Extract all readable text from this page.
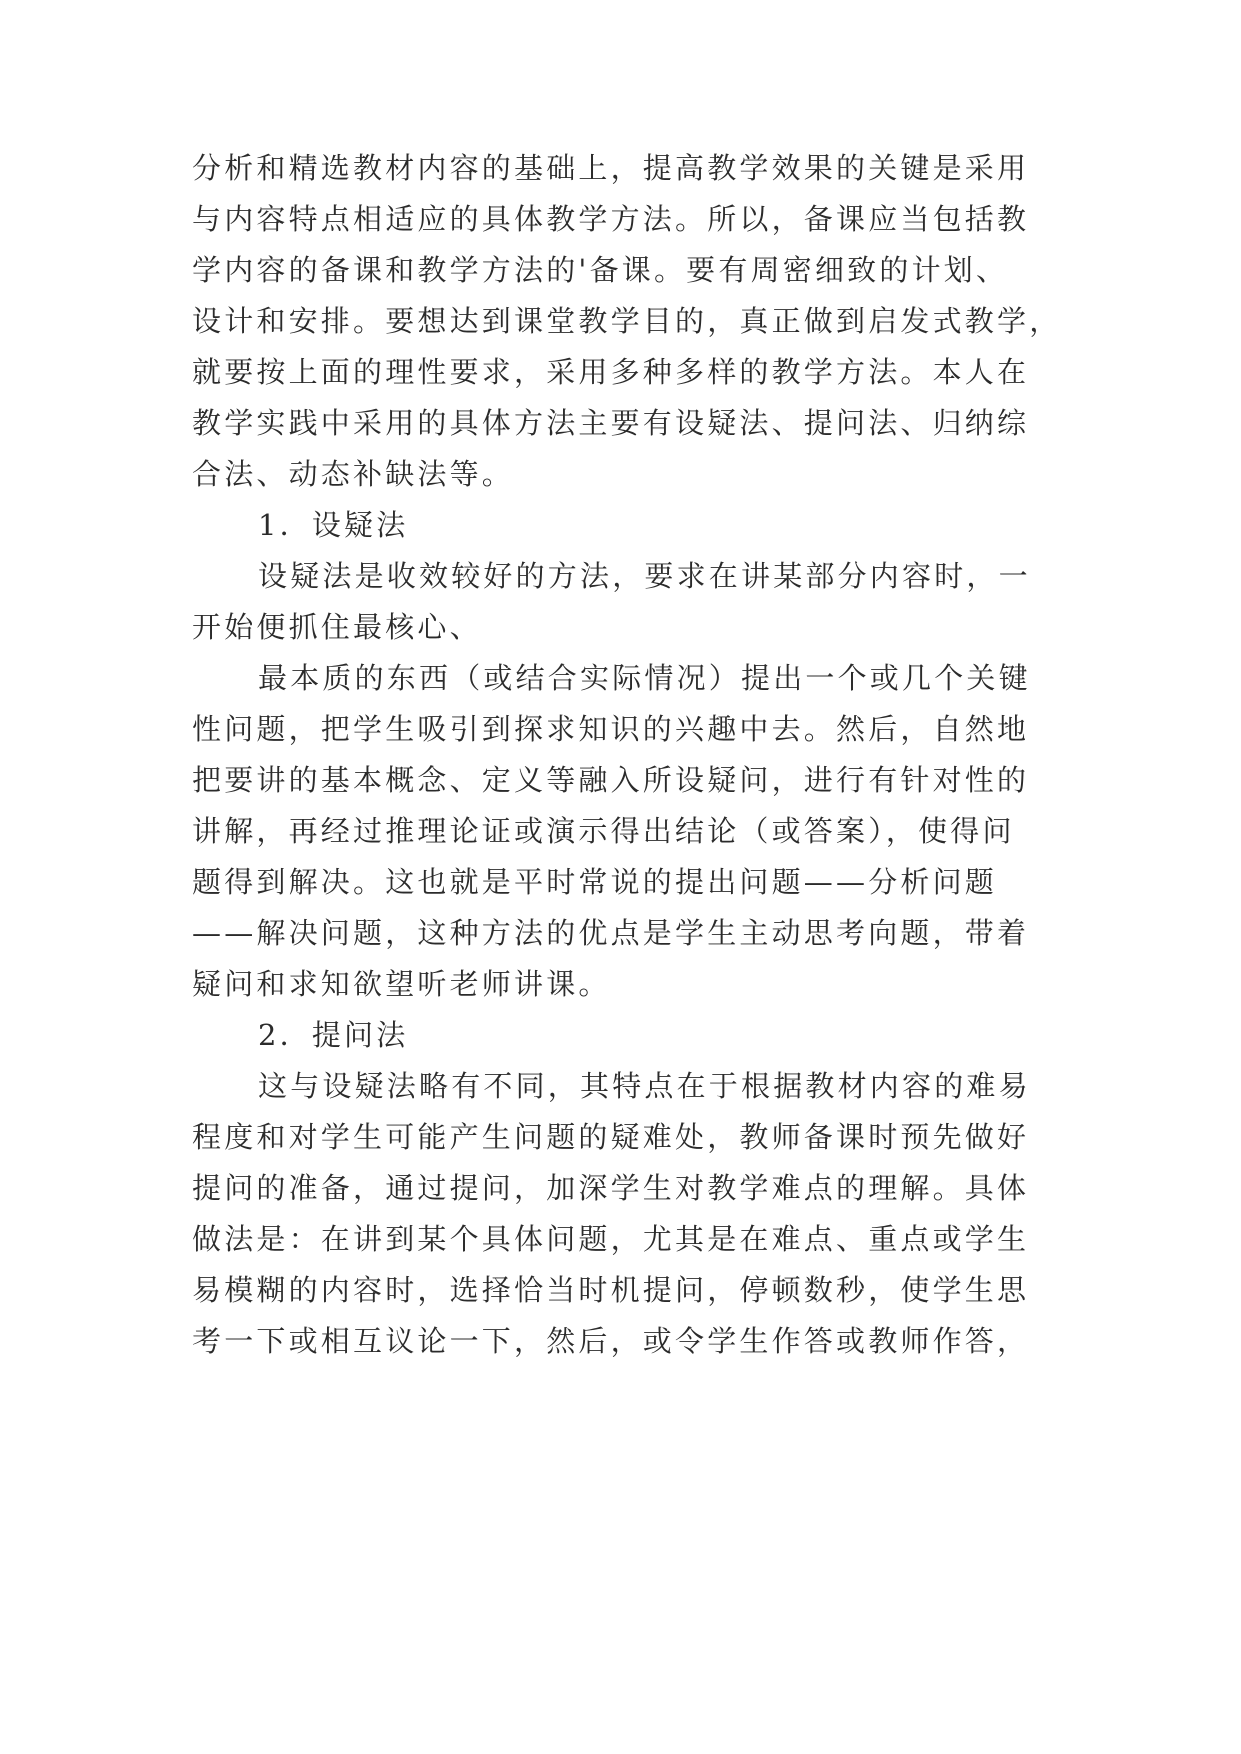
分析和精选教材内容的基础上，提高教学效果的关键是采用
与内容特点相适应的具体教学方法。所以，备课应当包括教
学内容的备课和教学方法的'备课。要有周密细致的计划、
设计和安排。要想达到课堂教学目的，真正做到启发式教学，
就要按上面的理性要求，采用多种多样的教学方法。本人在
教学实践中采用的具体方法主要有设疑法、提问法、归纳综
合法、动态补缺法等。
1．设疑法
设疑法是收效较好的方法，要求在讲某部分内容时，一
开始便抓住最核心、
最本质的东西（或结合实际情况）提出一个或几个关键
性问题，把学生吸引到探求知识的兴趣中去。然后，自然地
把要讲的基本概念、定义等融入所设疑问，进行有针对性的
讲解，再经过推理论证或演示得出结论（或答案），使得问
题得到解决。这也就是平时常说的提出问题——分析问题
——解决问题，这种方法的优点是学生主动思考向题，带着
疑问和求知欲望听老师讲课。
2．提问法
这与设疑法略有不同，其特点在于根据教材内容的难易
程度和对学生可能产生问题的疑难处，教师备课时预先做好
提问的准备，通过提问，加深学生对教学难点的理解。具体
做法是：在讲到某个具体问题，尤其是在难点、重点或学生
易模糊的内容时，选择恰当时机提问，停顿数秒，使学生思
考一下或相互议论一下，然后，或令学生作答或教师作答，
